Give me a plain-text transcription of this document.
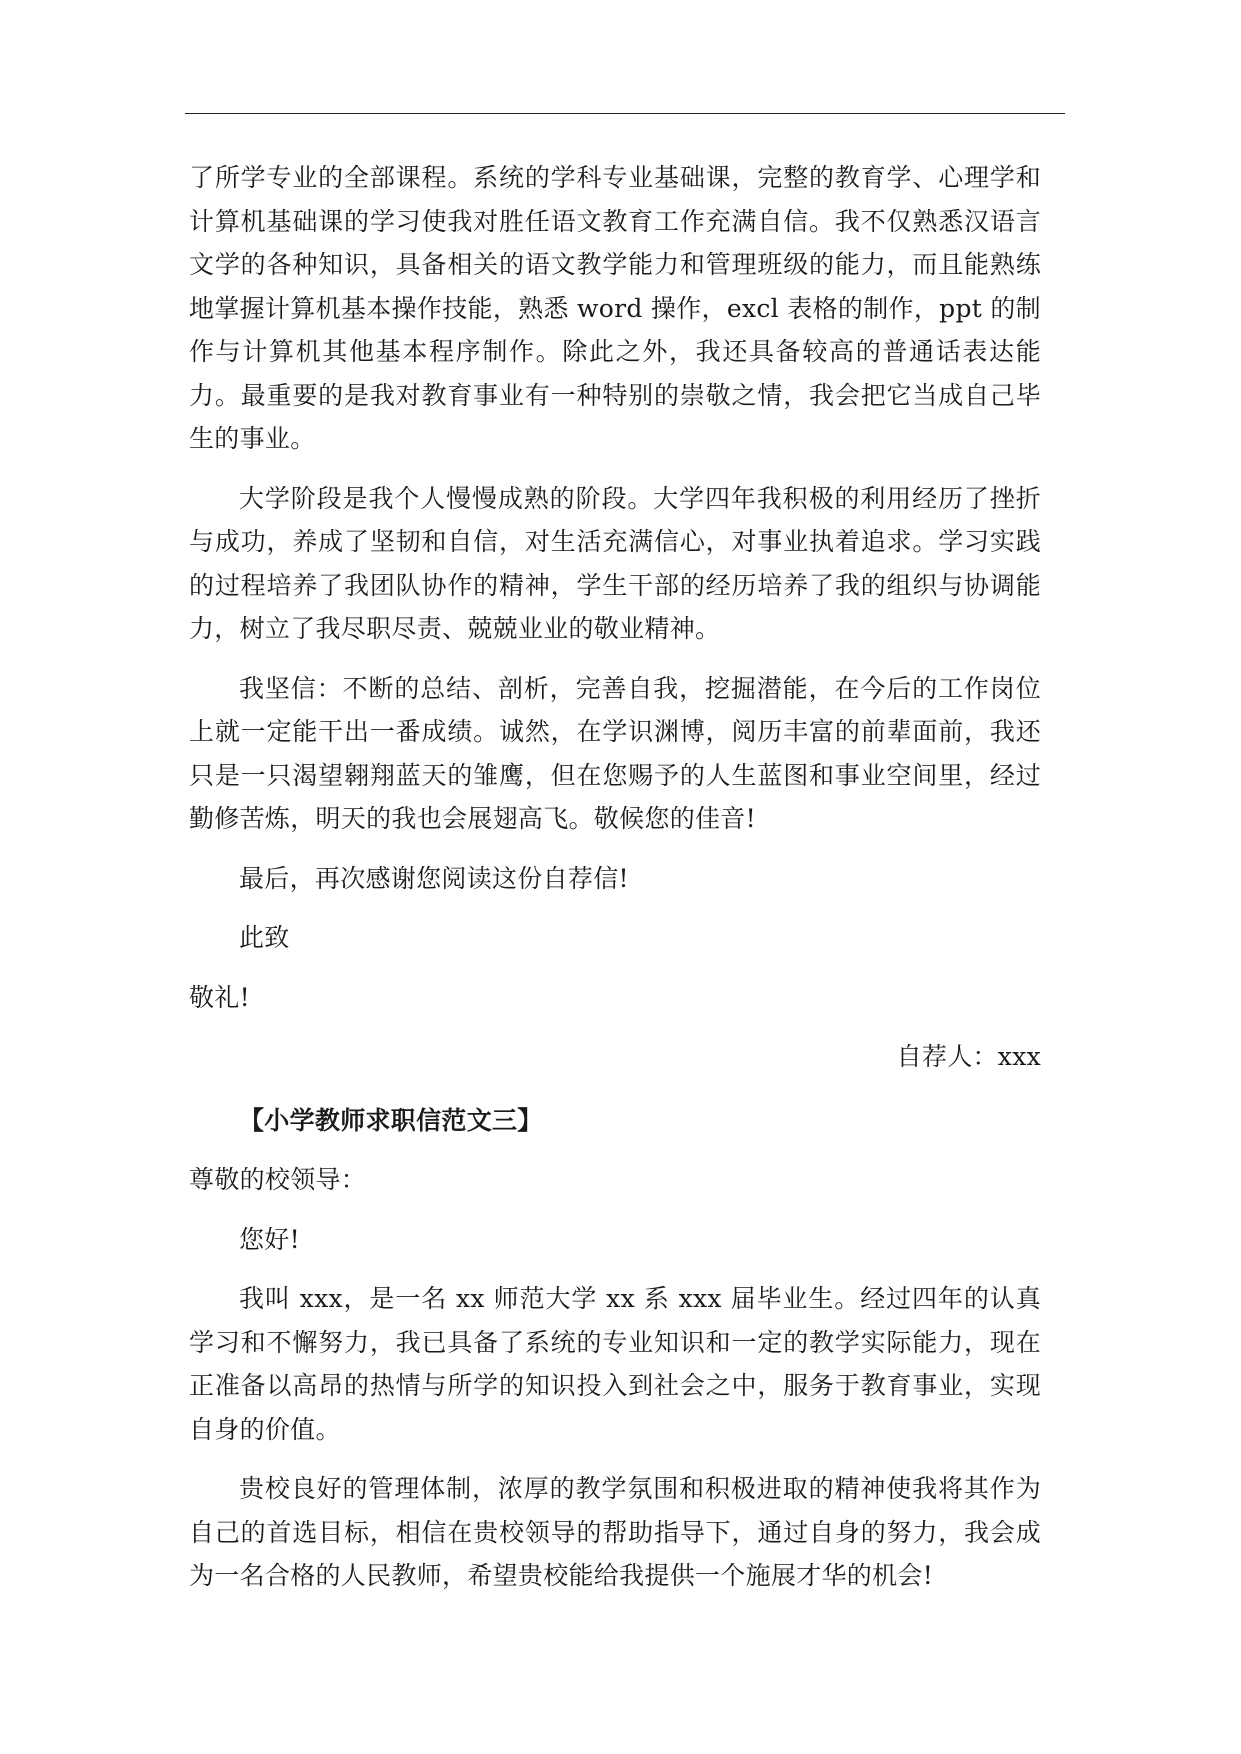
了所学专业的全部课程。系统的学科专业基础课，完整的教育学、心理学和计算机基础课的学习使我对胜任语文教育工作充满自信。我不仅熟悉汉语言文学的各种知识，具备相关的语文教学能力和管理班级的能力，而且能熟练地掌握计算机基本操作技能，熟悉 word 操作，excl 表格的制作，ppt 的制作与计算机其他基本程序制作。除此之外，我还具备较高的普通话表达能力。最重要的是我对教育事业有一种特别的崇敬之情，我会把它当成自己毕生的事业。

大学阶段是我个人慢慢成熟的阶段。大学四年我积极的利用经历了挫折与成功，养成了坚韧和自信，对生活充满信心，对事业执着追求。学习实践的过程培养了我团队协作的精神，学生干部的经历培养了我的组织与协调能力，树立了我尽职尽责、兢兢业业的敬业精神。

我坚信：不断的总结、剖析，完善自我，挖掘潜能，在今后的工作岗位上就一定能干出一番成绩。诚然，在学识渊博，阅历丰富的前辈面前，我还只是一只渴望翱翔蓝天的雏鹰，但在您赐予的人生蓝图和事业空间里，经过勤修苦炼，明天的我也会展翅高飞。敬候您的佳音!

最后，再次感谢您阅读这份自荐信!

此致

敬礼!

自荐人：xxx

【小学教师求职信范文三】

尊敬的校领导：

您好!

我叫 xxx，是一名 xx 师范大学 xx 系 xxx 届毕业生。经过四年的认真学习和不懈努力，我已具备了系统的专业知识和一定的教学实际能力，现在正准备以高昂的热情与所学的知识投入到社会之中，服务于教育事业，实现自身的价值。

贵校良好的管理体制，浓厚的教学氛围和积极进取的精神使我将其作为自己的首选目标，相信在贵校领导的帮助指导下，通过自身的努力，我会成为一名合格的人民教师，希望贵校能给我提供一个施展才华的机会!
